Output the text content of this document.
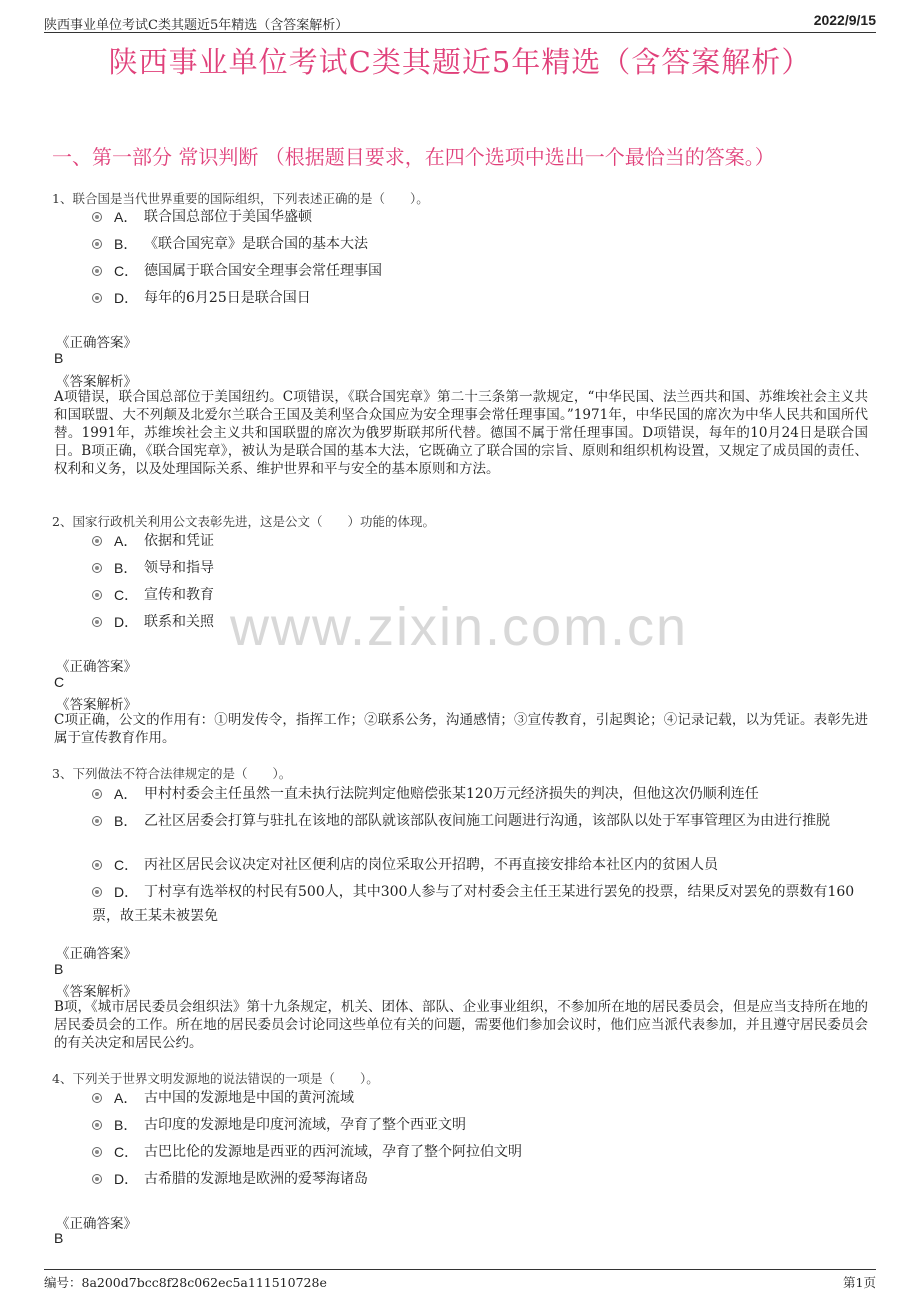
陕西事业单位考试C类其题近5年精选（含答案解析）	2022/9/15
陕西事业单位考试C类其题近5年精选（含答案解析）
一、第一部分 常识判断 （根据题目要求，在四个选项中选出一个最恰当的答案。）
www.zixin.com.cn
1、联合国是当代世界重要的国际组织，下列表述正确的是（　　）。
A． 联合国总部位于美国华盛顿
B． 《联合国宪章》是联合国的基本大法
C． 德国属于联合国安全理事会常任理事国
D． 每年的6月25日是联合国日
《正确答案》
B
《答案解析》
A项错误，联合国总部位于美国纽约。C项错误，《联合国宪章》第二十三条第一款规定，“中华民国、法兰西共和国、苏维埃社会主义共和国联盟、大不列颠及北爱尔兰联合王国及美利坚合众国应为安全理事会常任理事国。”1971年，中华民国的席次为中华人民共和国所代替。1991年，苏维埃社会主义共和国联盟的席次为俄罗斯联邦所代替。德国不属于常任理事国。D项错误，每年的10月24日是联合国日。B项正确，《联合国宪章》，被认为是联合国的基本大法，它既确立了联合国的宗旨、原则和组织机构设置，又规定了成员国的责任、权利和义务，以及处理国际关系、维护世界和平与安全的基本原则和方法。
2、国家行政机关利用公文表彰先进，这是公文（　　）功能的体现。
A． 依据和凭证
B． 领导和指导
C． 宣传和教育
D． 联系和关照
《正确答案》
C
《答案解析》
C项正确，公文的作用有：①明发传令，指挥工作；②联系公务，沟通感情；③宣传教育，引起舆论；④记录记载，以为凭证。表彰先进属于宣传教育作用。
3、下列做法不符合法律规定的是（　　）。
A． 甲村村委会主任虽然一直未执行法院判定他赔偿张某120万元经济损失的判决，但他这次仍顺利连任
B． 乙社区居委会打算与驻扎在该地的部队就该部队夜间施工问题进行沟通，该部队以处于军事管理区为由进行推脱
C． 丙社区居民会议决定对社区便利店的岗位采取公开招聘，不再直接安排给本社区内的贫困人员
D． 丁村享有选举权的村民有500人，其中300人参与了对村委会主任王某进行罢免的投票，结果反对罢免的票数有160票，故王某未被罢免
《正确答案》
B
《答案解析》
B项，《城市居民委员会组织法》第十九条规定，机关、团体、部队、企业事业组织，不参加所在地的居民委员会，但是应当支持所在地的居民委员会的工作。所在地的居民委员会讨论同这些单位有关的问题，需要他们参加会议时，他们应当派代表参加，并且遵守居民委员会的有关决定和居民公约。
4、下列关于世界文明发源地的说法错误的一项是（　　）。
A． 古中国的发源地是中国的黄河流域
B． 古印度的发源地是印度河流域，孕育了整个西亚文明
C． 古巴比伦的发源地是西亚的西河流域，孕育了整个阿拉伯文明
D． 古希腊的发源地是欧洲的爱琴海诸岛
《正确答案》
B
编号：8a200d7bcc8f28c062ec5a111510728e	第1页
